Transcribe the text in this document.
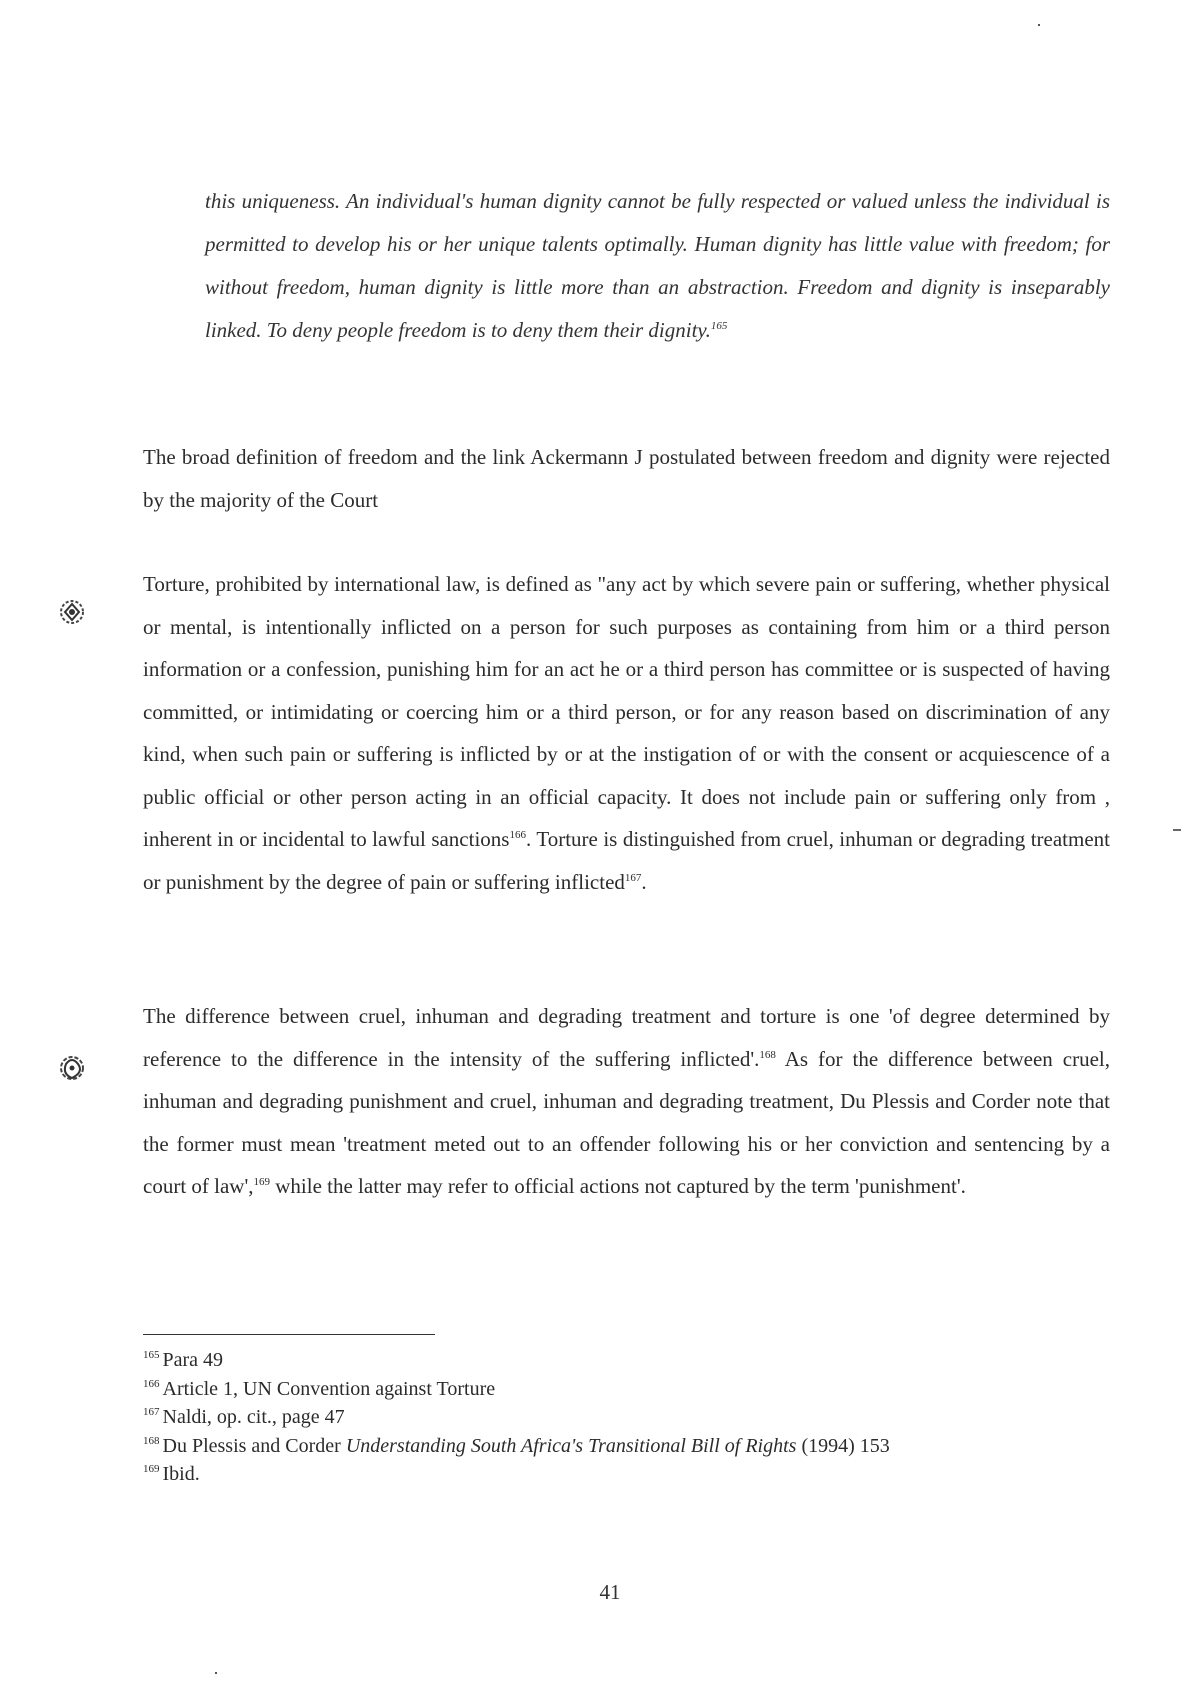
this uniqueness. An individual's human dignity cannot be fully respected or valued unless the individual is permitted to develop his or her unique talents optimally. Human dignity has little value with freedom; for without freedom, human dignity is little more than an abstraction. Freedom and dignity is inseparably linked. To deny people freedom is to deny them their dignity.$^{165}$
The broad definition of freedom and the link Ackermann J postulated between freedom and dignity were rejected by the majority of the Court
Torture, prohibited by international law, is defined as "any act by which severe pain or suffering, whether physical or mental, is intentionally inflicted on a person for such purposes as containing from him or a third person information or a confession, punishing him for an act he or a third person has committee or is suspected of having committed, or intimidating or coercing him or a third person, or for any reason based on discrimination of any kind, when such pain or suffering is inflicted by or at the instigation of or with the consent or acquiescence of a public official or other person acting in an official capacity. It does not include pain or suffering only from , inherent in or incidental to lawful sanctions$^{166}$. Torture is distinguished from cruel, inhuman or degrading treatment or punishment by the degree of pain or suffering inflicted$^{167}$.
The difference between cruel, inhuman and degrading treatment and torture is one 'of degree determined by reference to the difference in the intensity of the suffering inflicted'.$^{168}$ As for the difference between cruel, inhuman and degrading punishment and cruel, inhuman and degrading treatment, Du Plessis and Corder note that the former must mean 'treatment meted out to an offender following his or her conviction and sentencing by a court of law',$^{169}$ while the latter may refer to official actions not captured by the term 'punishment'.
$^{165}$ Para 49
$^{166}$ Article 1, UN Convention against Torture
$^{167}$ Naldi, op. cit., page 47
$^{168}$ Du Plessis and Corder Understanding South Africa's Transitional Bill of Rights (1994) 153
$^{169}$ Ibid.
41
